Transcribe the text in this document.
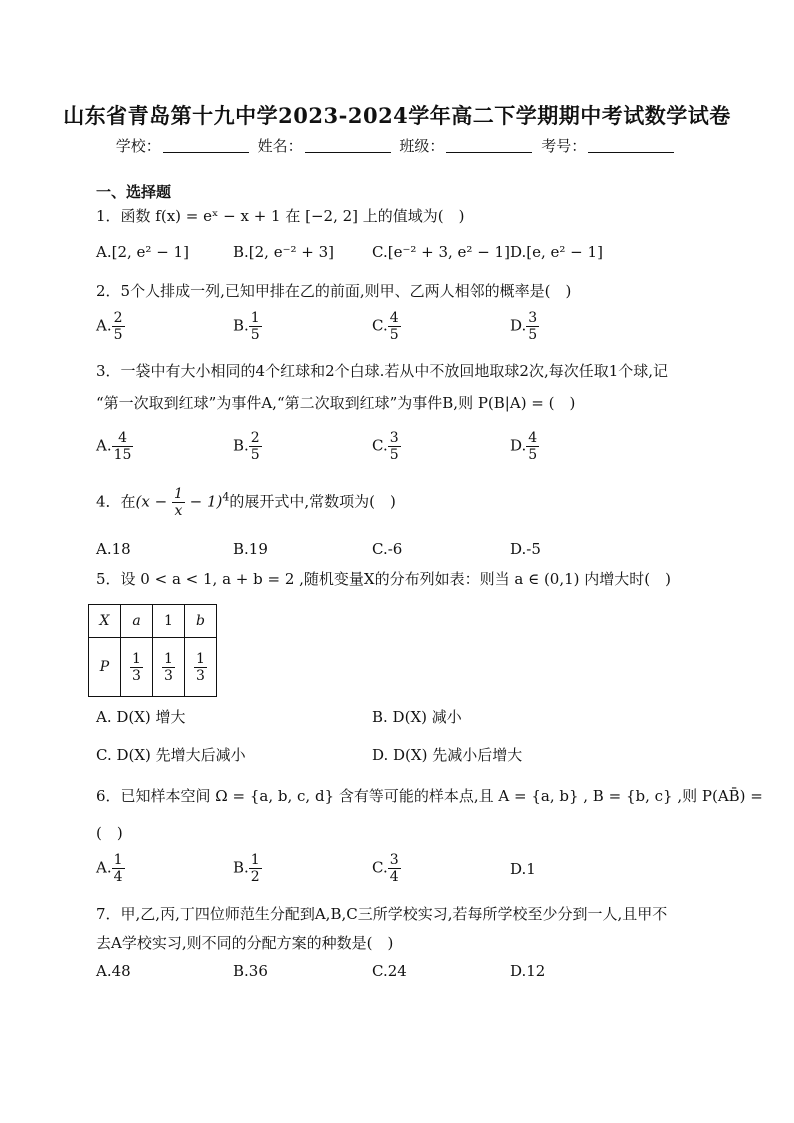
山东省青岛第十九中学2023-2024学年高二下学期期中考试数学试卷
学校：	姓名：	班级：	考号：
一、选择题
1．函数 f(x) = eˣ − x + 1 在 [−2, 2] 上的值域为(　)
A.[2, e² − 1]	B.[2, e⁻² + 3]	C.[e⁻² + 3, e² − 1] D.[e, e² − 1]
2．5个人排成一列,已知甲排在乙的前面,则甲、乙两人相邻的概率是(　)
A. $\frac{2}{5}$	B. $\frac{1}{5}$	C. $\frac{4}{5}$	D. $\frac{3}{5}$
3．一袋中有大小相同的4个红球和2个白球.若从中不放回地取球2次,每次任取1个球,记
“第一次取到红球”为事件A,“第二次取到红球”为事件B,则 P(B|A) = (　)
A. $\frac{4}{15}$	B. $\frac{2}{5}$	C. $\frac{3}{5}$	D. $\frac{4}{5}$
4．在$(x - \frac{1}{x} - 1)^4$的展开式中,常数项为(　)
A.18	B.19	C.-6	D.-5
5．设 0 < a < 1, a + b = 2 ,随机变量X的分布列如表：则当 a ∈ (0,1) 内增大时(　)
X	a	1	b
P	$\frac{1}{3}$	$\frac{1}{3}$	$\frac{1}{3}$
A. D(X) 增大	B. D(X) 减小
C. D(X) 先增大后减小	D. D(X) 先减小后增大
6．已知样本空间 Ω = {a, b, c, d} 含有等可能的样本点,且 A = {a, b} , B = {b, c} ,则 P(AB̄) =
(　)
A. $\frac{1}{4}$	B. $\frac{1}{2}$	C. $\frac{3}{4}$	D.1
7．甲,乙,丙,丁四位师范生分配到A,B,C三所学校实习,若每所学校至少分到一人,且甲不
去A学校实习,则不同的分配方案的种数是(　)
A.48	B.36	C.24	D.12
